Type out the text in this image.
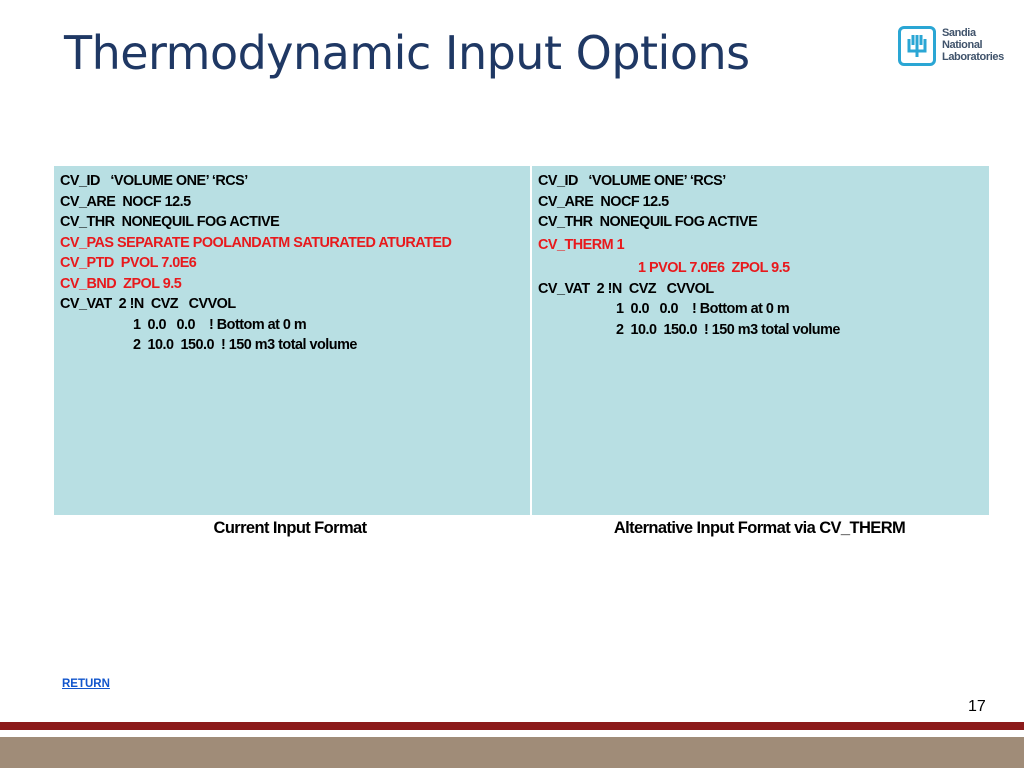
Thermodynamic Input Options	Sandia
National
Laboratories
CV_ID   ‘VOLUME ONE’ ‘RCS’
CV_ARE  NOCF 12.5
CV_THR  NONEQUIL FOG ACTIVE
CV_PAS SEPARATE POOLANDATM SATURATED ATURATED
CV_PTD  PVOL 7.0E6
CV_BND  ZPOL 9.5
CV_VAT  2 !N  CVZ   CVVOL
1  0.0   0.0    ! Bottom at 0 m
2  10.0  150.0  ! 150 m3 total volume

CV_ID   ‘VOLUME ONE’ ‘RCS’
CV_ARE  NOCF 12.5
CV_THR  NONEQUIL FOG ACTIVE
CV_THERM 1
1 PVOL 7.0E6  ZPOL 9.5
CV_VAT  2 !N  CVZ   CVVOL
1  0.0   0.0    ! Bottom at 0 m
2  10.0  150.0  ! 150 m3 total volume
Current Input Format	Alternative Input Format via CV_THERM
RETURN
17
